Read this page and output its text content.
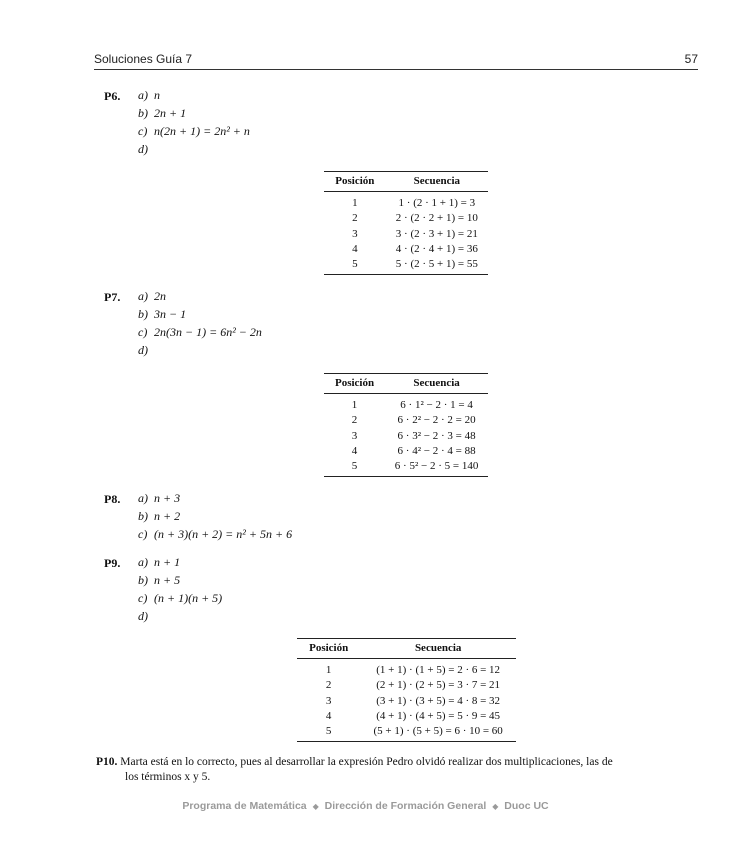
Soluciones Guía 7	57
P6. a) n
b) 2n + 1
c) n(2n + 1) = 2n² + n
d)
Posición	Secuencia
1	1 · (2 · 1 + 1) = 3
2	2 · (2 · 2 + 1) = 10
3	3 · (2 · 3 + 1) = 21
4	4 · (2 · 4 + 1) = 36
5	5 · (2 · 5 + 1) = 55
P7. a) 2n
b) 3n − 1
c) 2n(3n − 1) = 6n² − 2n
d)
Posición	Secuencia
1	6 · 1² − 2 · 1 = 4
2	6 · 2² − 2 · 2 = 20
3	6 · 3² − 2 · 3 = 48
4	6 · 4² − 2 · 4 = 88
5	6 · 5² − 2 · 5 = 140
P8. a) n + 3
b) n + 2
c) (n + 3)(n + 2) = n² + 5n + 6
P9. a) n + 1
b) n + 5
c) (n + 1)(n + 5)
d)
Posición	Secuencia
1	(1 + 1) · (1 + 5) = 2 · 6 = 12
2	(2 + 1) · (2 + 5) = 3 · 7 = 21
3	(3 + 1) · (3 + 5) = 4 · 8 = 32
4	(4 + 1) · (4 + 5) = 5 · 9 = 45
5	(5 + 1) · (5 + 5) = 6 · 10 = 60
P10. Marta está en lo correcto, pues al desarrollar la expresión Pedro olvidó realizar dos multiplicaciones, las de
los términos x y 5.
Programa de Matemática ◆ Dirección de Formación General ◆ Duoc UC
